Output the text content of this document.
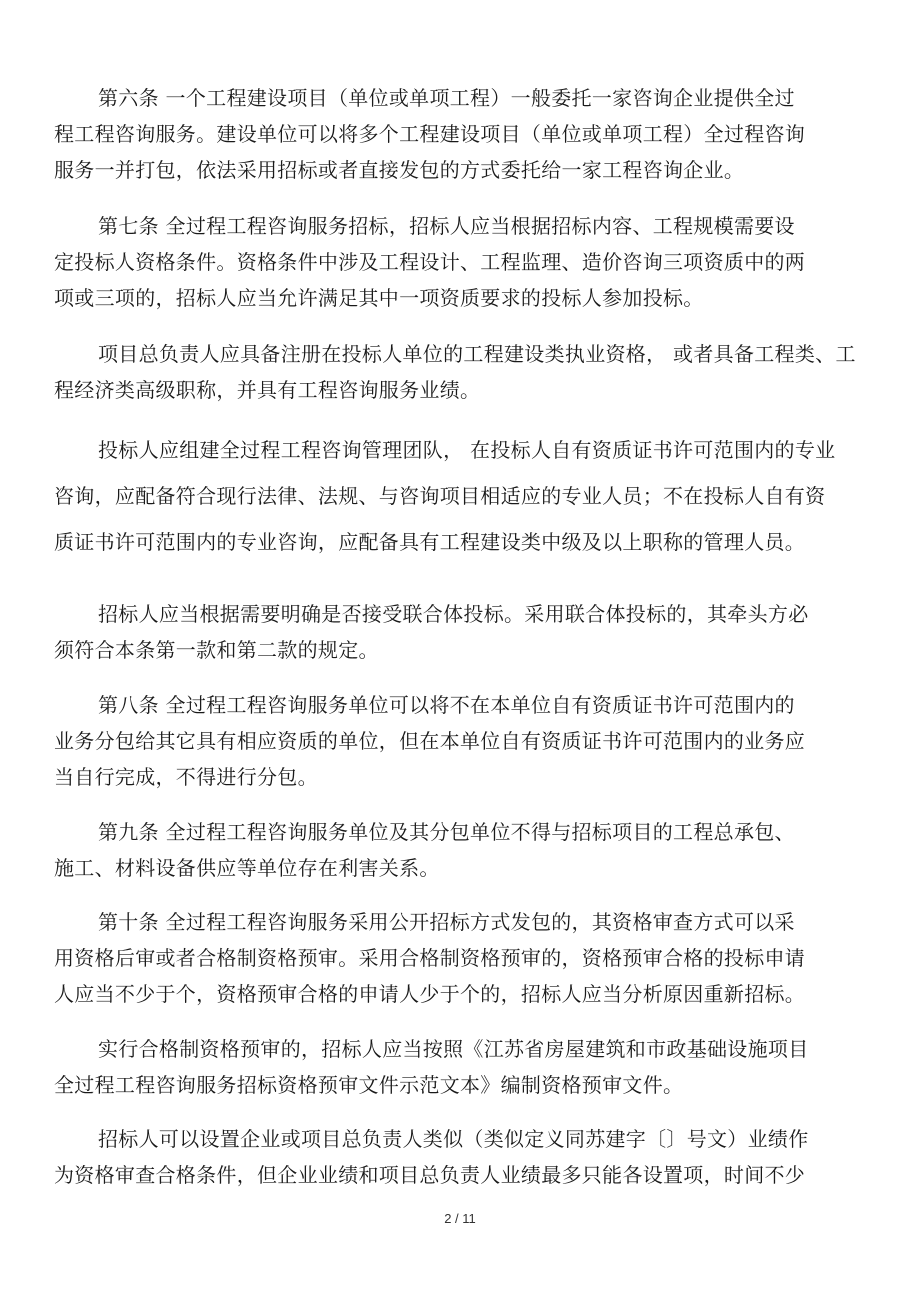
第六条 一个工程建设项目（单位或单项工程）一般委托一家咨询企业提供全过
程工程咨询服务。建设单位可以将多个工程建设项目（单位或单项工程）全过程咨询
服务一并打包，依法采用招标或者直接发包的方式委托给一家工程咨询企业。
第七条 全过程工程咨询服务招标，招标人应当根据招标内容、工程规模需要设
定投标人资格条件。资格条件中涉及工程设计、工程监理、造价咨询三项资质中的两
项或三项的，招标人应当允许满足其中一项资质要求的投标人参加投标。
项目总负责人应具备注册在投标人单位的工程建设类执业资格， 或者具备工程类、工
程经济类高级职称，并具有工程咨询服务业绩。
投标人应组建全过程工程咨询管理团队， 在投标人自有资质证书许可范围内的专业
咨询，应配备符合现行法律、法规、与咨询项目相适应的专业人员；不在投标人自有资
质证书许可范围内的专业咨询，应配备具有工程建设类中级及以上职称的管理人员。
招标人应当根据需要明确是否接受联合体投标。采用联合体投标的，其牵头方必
须符合本条第一款和第二款的规定。
第八条 全过程工程咨询服务单位可以将不在本单位自有资质证书许可范围内的
业务分包给其它具有相应资质的单位，但在本单位自有资质证书许可范围内的业务应
当自行完成，不得进行分包。
第九条 全过程工程咨询服务单位及其分包单位不得与招标项目的工程总承包、
施工、材料设备供应等单位存在利害关系。
第十条 全过程工程咨询服务采用公开招标方式发包的，其资格审查方式可以采
用资格后审或者合格制资格预审。采用合格制资格预审的，资格预审合格的投标申请
人应当不少于个，资格预审合格的申请人少于个的，招标人应当分析原因重新招标。
实行合格制资格预审的，招标人应当按照《江苏省房屋建筑和市政基础设施项目
全过程工程咨询服务招标资格预审文件示范文本》编制资格预审文件。
招标人可以设置企业或项目总负责人类似（类似定义同苏建字〔〕号文）业绩作
为资格审查合格条件，但企业业绩和项目总负责人业绩最多只能各设置项，时间不少
2 / 11
